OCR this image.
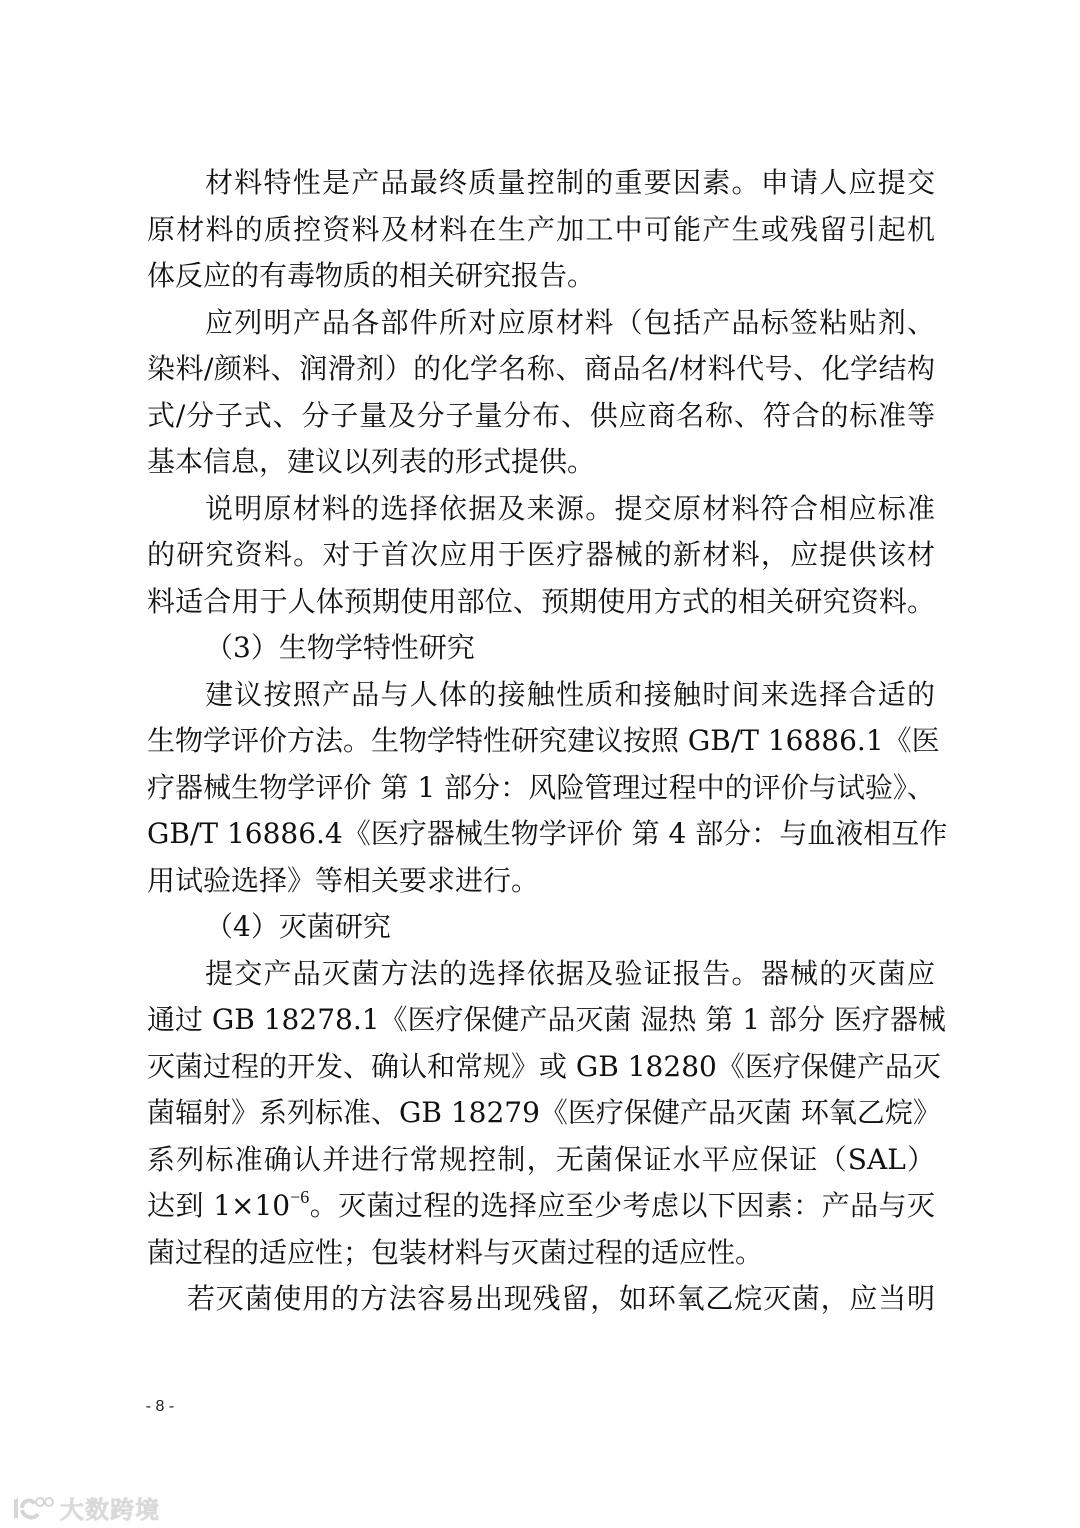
材料特性是产品最终质量控制的重要因素。申请人应提交
原材料的质控资料及材料在生产加工中可能产生或残留引起机
体反应的有毒物质的相关研究报告。
应列明产品各部件所对应原材料（包括产品标签粘贴剂、
染料/颜料、润滑剂）的化学名称、商品名/材料代号、化学结构
式/分子式、分子量及分子量分布、供应商名称、符合的标准等
基本信息，建议以列表的形式提供。
说明原材料的选择依据及来源。提交原材料符合相应标准
的研究资料。对于首次应用于医疗器械的新材料，应提供该材
料适合用于人体预期使用部位、预期使用方式的相关研究资料。
（3）生物学特性研究
建议按照产品与人体的接触性质和接触时间来选择合适的
生物学评价方法。生物学特性研究建议按照 GB/T 16886.1《医
疗器械生物学评价 第 1 部分：风险管理过程中的评价与试验》、
GB/T 16886.4《医疗器械生物学评价 第 4 部分：与血液相互作
用试验选择》等相关要求进行。
（4）灭菌研究
提交产品灭菌方法的选择依据及验证报告。器械的灭菌应
通过 GB 18278.1《医疗保健产品灭菌 湿热 第 1 部分 医疗器械
灭菌过程的开发、确认和常规》或 GB 18280《医疗保健产品灭
菌辐射》系列标准、GB 18279《医疗保健产品灭菌 环氧乙烷》
系列标准确认并进行常规控制，无菌保证水平应保证（SAL）
达到 $1\times 10^{-6}$。灭菌过程的选择应至少考虑以下因素：产品与灭
菌过程的适应性；包装材料与灭菌过程的适应性。
若灭菌使用的方法容易出现残留，如环氧乙烷灭菌，应当明
- 8 -
大数跨境
